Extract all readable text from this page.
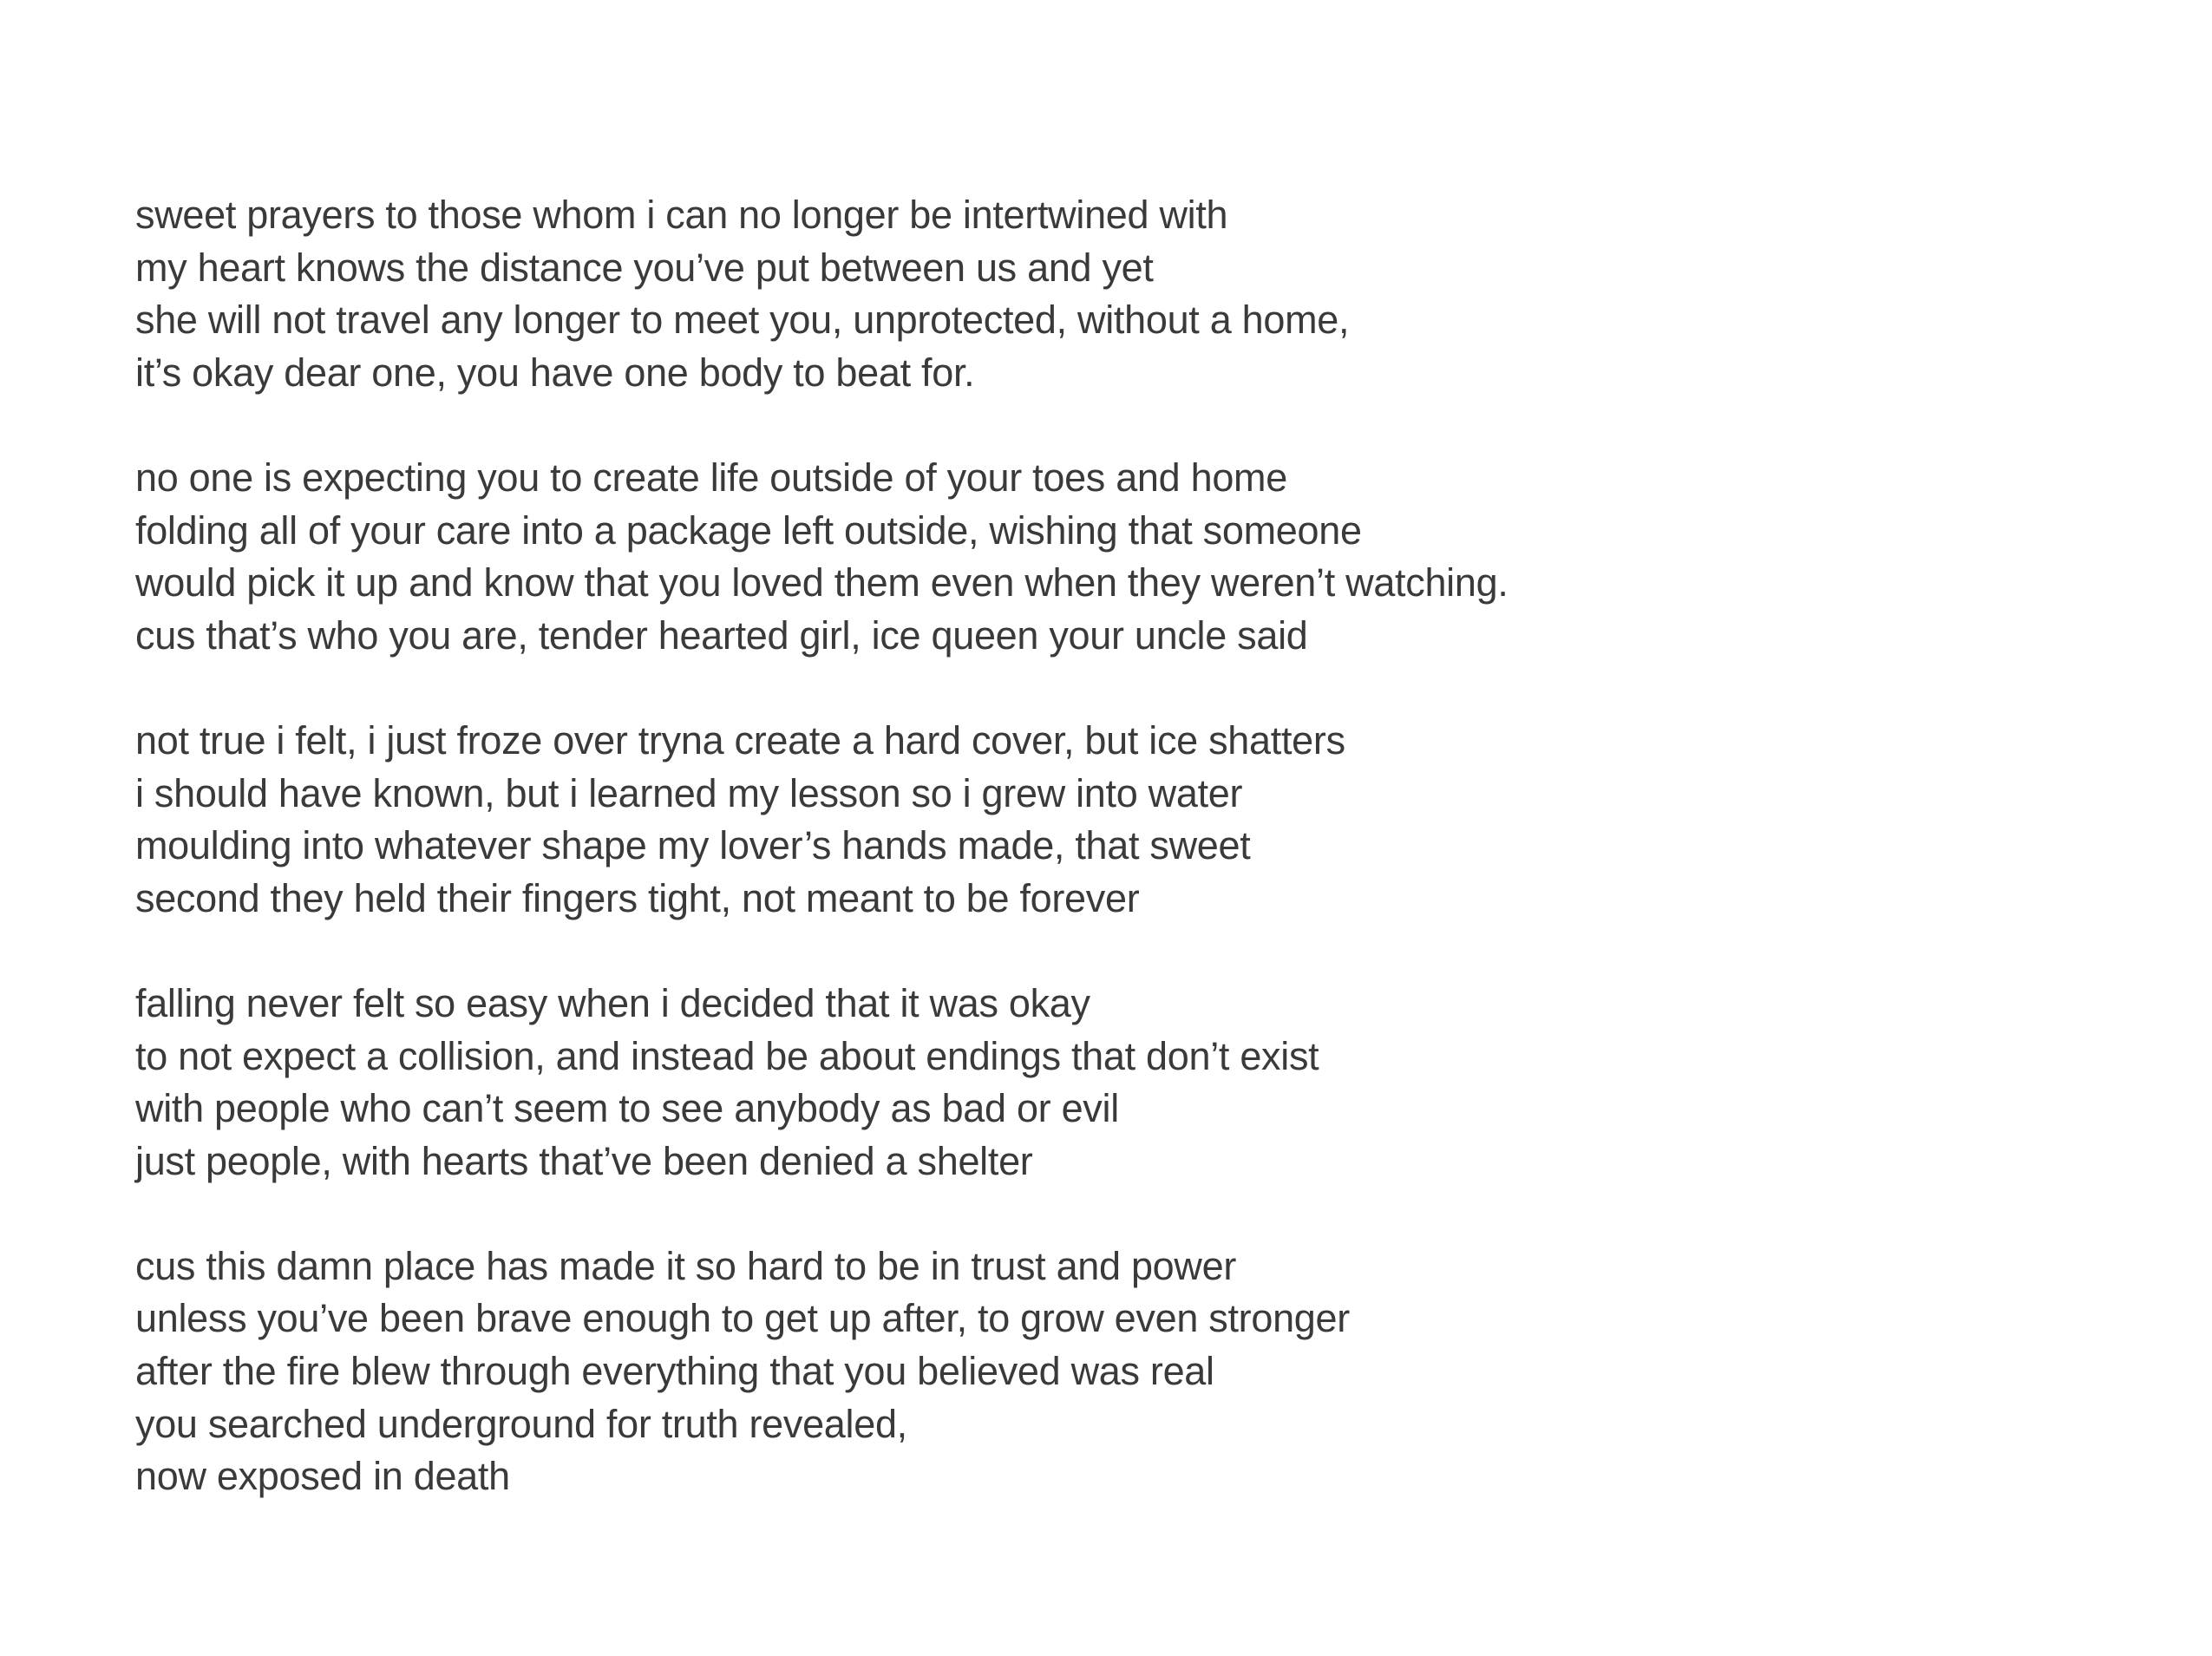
sweet prayers to those whom i can no longer be intertwined with
my heart knows the distance you’ve put between us and yet
she will not travel any longer to meet you, unprotected, without a home,
it’s okay dear one, you have one body to beat for.
no one is expecting you to create life outside of your toes and home
folding all of your care into a package left outside, wishing that someone
would pick it up and know that you loved them even when they weren’t watching.
cus that’s who you are, tender hearted girl, ice queen your uncle said
not true i felt, i just froze over tryna create a hard cover, but ice shatters
i should have known, but i learned my lesson so i grew into water
moulding into whatever shape my lover’s hands made, that sweet
second they held their fingers tight, not meant to be forever
falling never felt so easy when i decided that it was okay
to not expect a collision, and instead be about endings that don’t exist
with people who can’t seem to see anybody as bad or evil
just people, with hearts that’ve been denied a shelter
cus this damn place has made it so hard to be in trust and power
unless you’ve been brave enough to get up after, to grow even stronger
after the fire blew through everything that you believed was real
you searched underground for truth revealed,
now exposed in death
